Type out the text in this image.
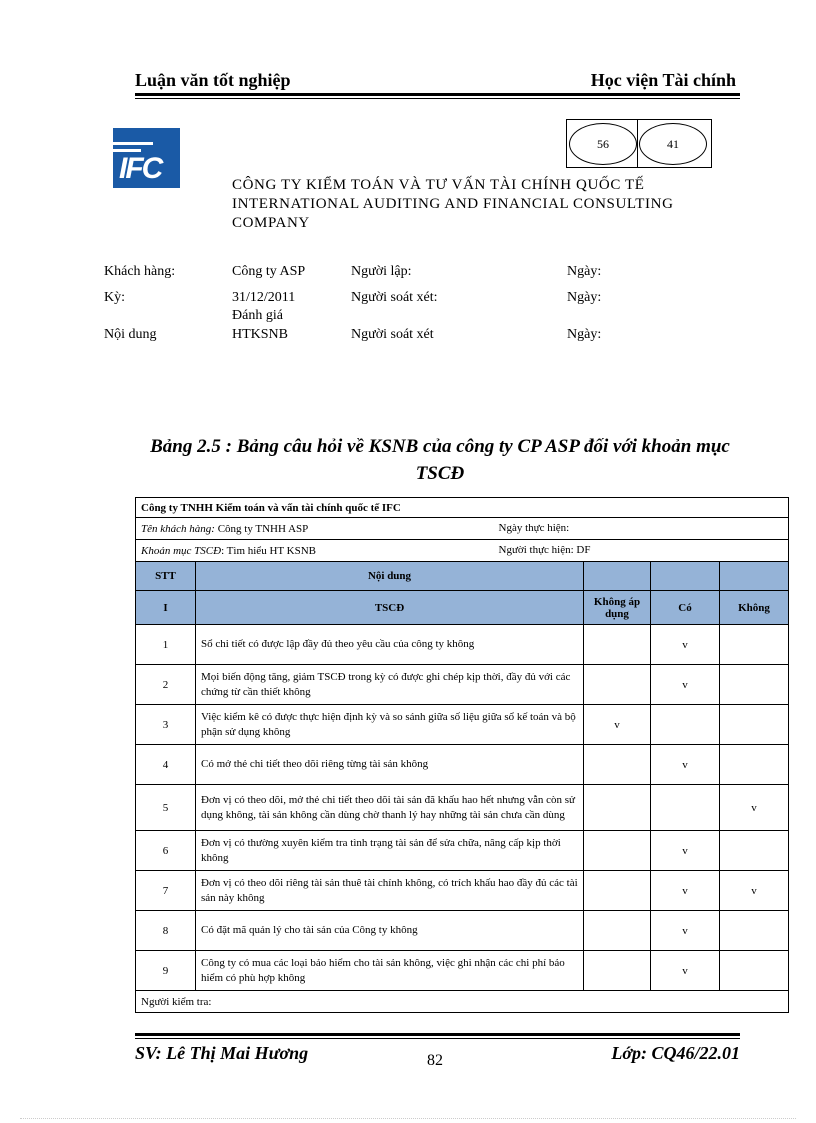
Luận văn tốt nghiệp	Học viện Tài chính
IFC
56	41
CÔNG TY KIỂM TOÁN VÀ TƯ VẤN TÀI CHÍNH QUỐC TẾ
INTERNATIONAL AUDITING AND FINANCIAL CONSULTING
COMPANY
Khách hàng:	Công ty ASP	Người lập:	Ngày:
Kỳ:	31/12/2011	Người soát xét:	Ngày:
Đánh giá
Nội dung	HTKSNB	Người soát xét	Ngày:
Bảng 2.5 : Bảng câu hỏi về KSNB của công ty CP ASP đối với khoản mục
TSCĐ
Công ty TNHH Kiểm toán và vấn tài chính quốc tế IFC				
Tên khách hàng: Công ty TNHH ASP			Ngày thực hiện:	

Khoản mục TSCĐ: Tìm hiểu HT KSNB			Người thực hiện: DF	

STT	Nội dung			
I	TSCĐ	Không áp dụng	Có	Không
1	Sổ chi tiết có được lập đầy đủ theo yêu cầu của công ty không		v	
2	Mọi biến động tăng, giảm TSCĐ trong kỳ có được ghi chép kịp thời, đầy đủ với các chứng từ cần thiết không		v	
3	Việc kiểm kê có được thực hiện định kỳ và so sánh giữa số liệu giữa sổ kế toán và bộ phận sử dụng không	v		
4	Có mở thẻ chi tiết theo dõi riêng từng tài sản không		v	
5	Đơn vị có theo dõi, mở thẻ chi tiết theo dõi tài sản đã khấu hao hết nhưng vẫn còn sử dụng không, tài sản không cần dùng chờ thanh lý hay những tài sản chưa cần dùng			v
6	Đơn vị có thường xuyên kiểm tra tình trạng tài sản để sửa chữa, nâng cấp kịp thời không		v	
7	Đơn vị có theo dõi riêng tài sản thuê tài chính không, có trích khấu hao đầy đủ các tài sản này không		v	v
8	Có đặt mã quản lý cho tài sản của Công ty không		v	
9	Công ty có mua các loại bảo hiểm cho tài sản không, việc ghi nhận các chi phí bảo hiểm có phù hợp không		v	
Người kiểm tra:				
SV: Lê Thị Mai Hương	82	Lớp: CQ46/22.01
